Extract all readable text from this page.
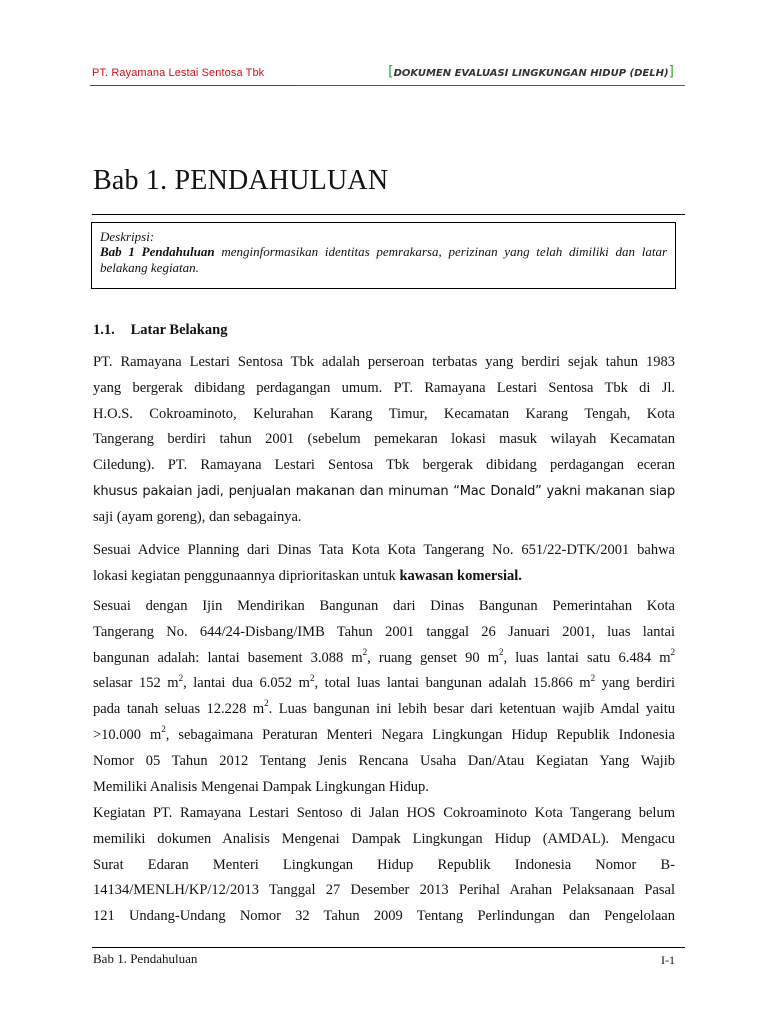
PT. Rayamana Lestai Sentosa Tbk	[DOKUMEN EVALUASI LINGKUNGAN HIDUP (DELH)]
Bab 1. PENDAHULUAN
Deskripsi:
Bab 1 Pendahuluan menginformasikan identitas pemrakarsa, perizinan yang telah dimiliki dan latar belakang kegiatan.
1.1. Latar Belakang
PT. Ramayana Lestari Sentosa Tbk adalah perseroan terbatas yang berdiri sejak tahun 1983
yang bergerak dibidang perdagangan umum. PT. Ramayana Lestari Sentosa Tbk di Jl.
H.O.S. Cokroaminoto, Kelurahan Karang Timur, Kecamatan Karang Tengah, Kota
Tangerang berdiri tahun 2001 (sebelum pemekaran lokasi masuk wilayah Kecamatan
Ciledung). PT. Ramayana Lestari Sentosa Tbk bergerak dibidang perdagangan eceran
khusus pakaian jadi, penjualan makanan dan minuman “Mac Donald” yakni makanan siap
saji (ayam goreng), dan sebagainya.
Sesuai Advice Planning dari Dinas Tata Kota Kota Tangerang No. 651/22-DTK/2001 bahwa
lokasi kegiatan penggunaannya diprioritaskan untuk kawasan komersial.
Sesuai dengan Ijin Mendirikan Bangunan dari Dinas Bangunan Pemerintahan Kota
Tangerang No. 644/24-Disbang/IMB Tahun 2001 tanggal 26 Januari 2001, luas lantai
bangunan adalah: lantai basement 3.088 $m^2$, ruang genset 90 $m^2$, luas lantai satu 6.484 $m^2$
selasar 152 $m^2$, lantai dua 6.052 $m^2$, total luas lantai bangunan adalah 15.866 $m^2$ yang berdiri
pada tanah seluas 12.228 $m^2$. Luas bangunan ini lebih besar dari ketentuan wajib Amdal yaitu
>10.000 $m^2$, sebagaimana Peraturan Menteri Negara Lingkungan Hidup Republik Indonesia
Nomor 05 Tahun 2012 Tentang Jenis Rencana Usaha Dan/Atau Kegiatan Yang Wajib
Memiliki Analisis Mengenai Dampak Lingkungan Hidup.
Kegiatan PT. Ramayana Lestari Sentoso di Jalan HOS Cokroaminoto Kota Tangerang belum
memiliki dokumen Analisis Mengenai Dampak Lingkungan Hidup (AMDAL). Mengacu
Surat Edaran Menteri Lingkungan Hidup Republik Indonesia Nomor B-
14134/MENLH/KP/12/2013 Tanggal 27 Desember 2013 Perihal Arahan Pelaksanaan Pasal
121 Undang-Undang Nomor 32 Tahun 2009 Tentang Perlindungan dan Pengelolaan
Bab 1. Pendahuluan	I-1
